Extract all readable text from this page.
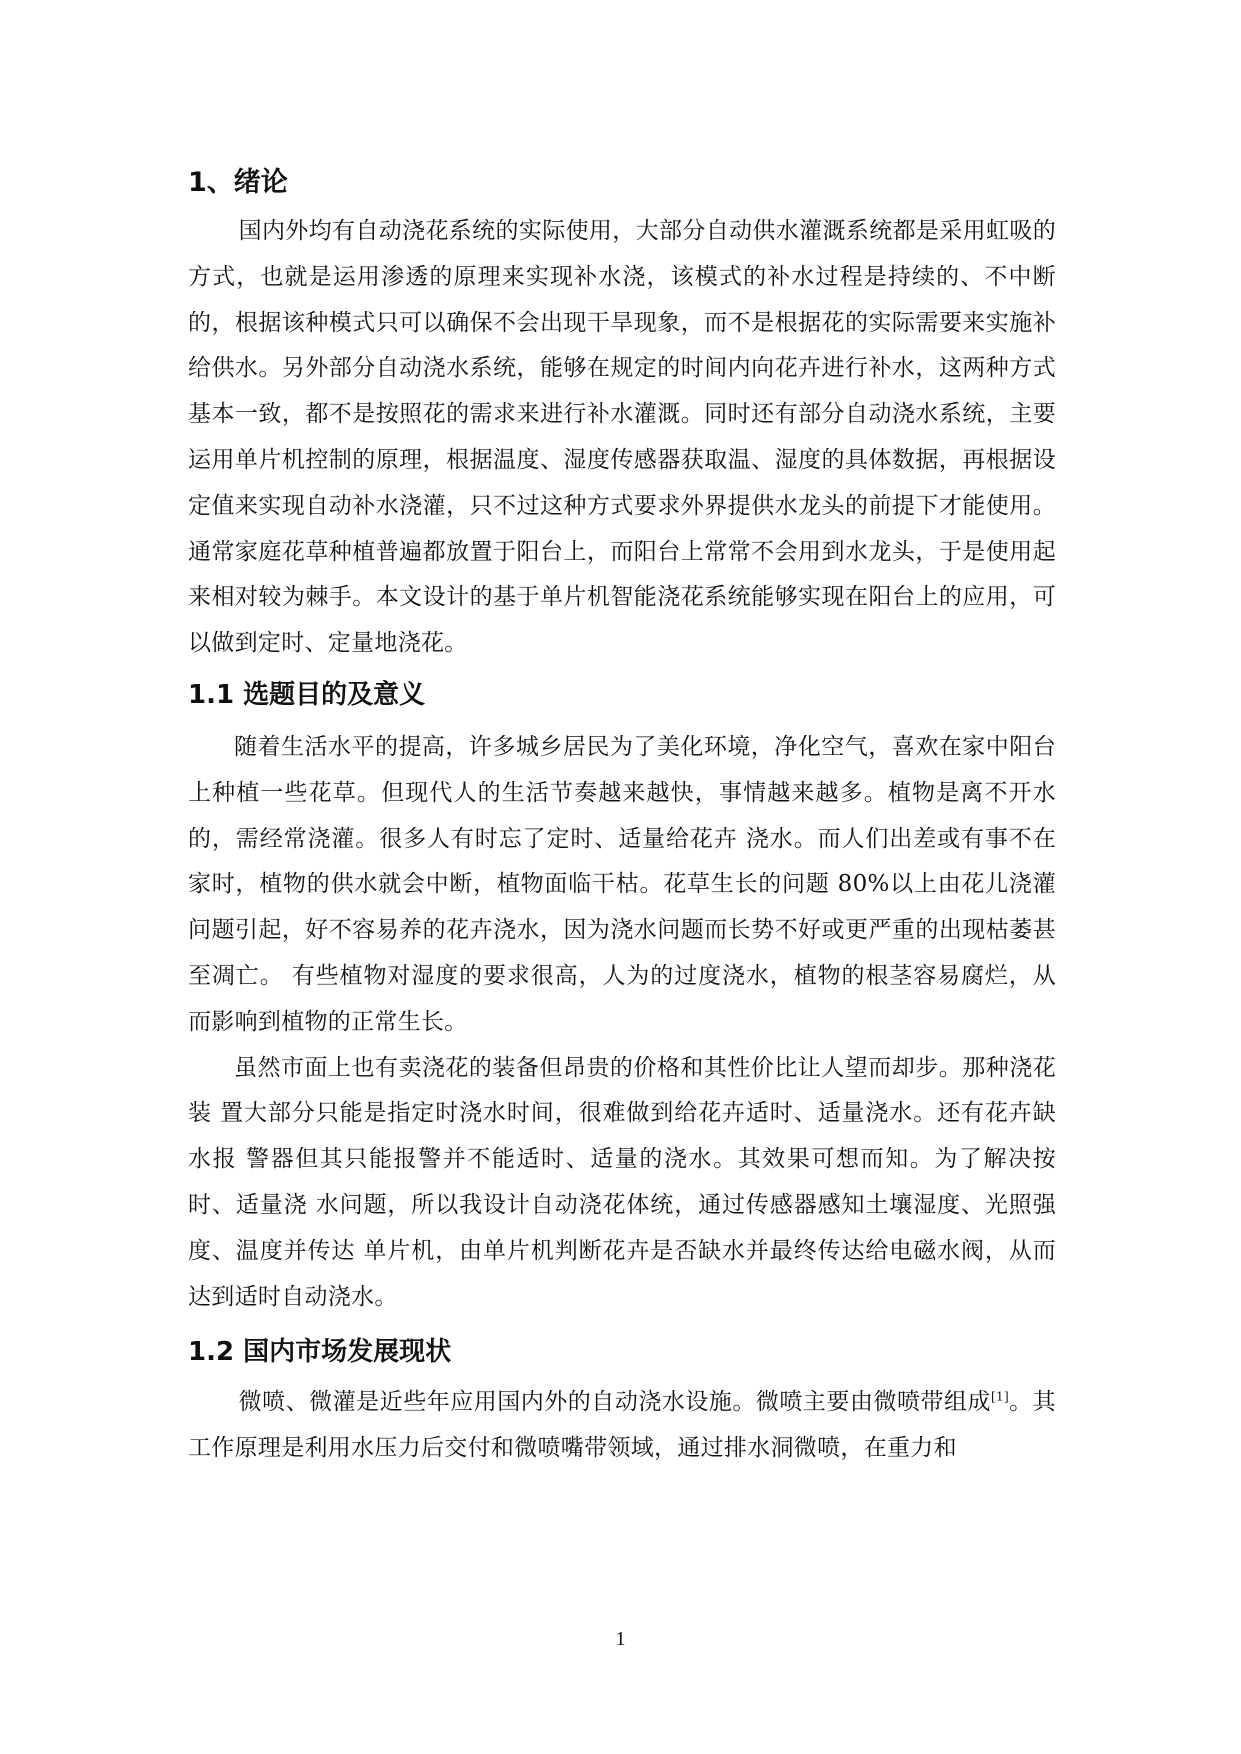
1、绪论

国内外均有自动浇花系统的实际使用，大部分自动供水灌溉系统都是采用虹吸的方式，也就是运用渗透的原理来实现补水浇，该模式的补水过程是持续的、不中断的，根据该种模式只可以确保不会出现干旱现象，而不是根据花的实际需要来实施补给供水。另外部分自动浇水系统，能够在规定的时间内向花卉进行补水，这两种方式基本一致，都不是按照花的需求来进行补水灌溉。同时还有部分自动浇水系统，主要运用单片机控制的原理，根据温度、湿度传感器获取温、湿度的具体数据，再根据设定值来实现自动补水浇灌，只不过这种方式要求外界提供水龙头的前提下才能使用。通常家庭花草种植普遍都放置于阳台上，而阳台上常常不会用到水龙头，于是使用起来相对较为棘手。本文设计的基于单片机智能浇花系统能够实现在阳台上的应用，可以做到定时、定量地浇花。

1.1 选题目的及意义

随着生活水平的提高，许多城乡居民为了美化环境，净化空气，喜欢在家中阳台上种植一些花草。但现代人的生活节奏越来越快，事情越来越多。植物是离不开水的，需经常浇灌。很多人有时忘了定时、适量给花卉 浇水。而人们出差或有事不在家时，植物的供水就会中断，植物面临干枯。花草生长的问题 80%以上由花儿浇灌问题引起，好不容易养的花卉浇水，因为浇水问题而长势不好或更严重的出现枯萎甚至凋亡。 有些植物对湿度的要求很高，人为的过度浇水，植物的根茎容易腐烂，从而影响到植物的正常生长。

虽然市面上也有卖浇花的装备但昂贵的价格和其性价比让人望而却步。那种浇花装 置大部分只能是指定时浇水时间，很难做到给花卉适时、适量浇水。还有花卉缺水报 警器但其只能报警并不能适时、适量的浇水。其效果可想而知。为了解决按时、适量浇 水问题，所以我设计自动浇花体统，通过传感器感知土壤湿度、光照强度、温度并传达 单片机，由单片机判断花卉是否缺水并最终传达给电磁水阀，从而达到适时自动浇水。

1.2 国内市场发展现状

微喷、微灌是近些年应用国内外的自动浇水设施。微喷主要由微喷带组成[1]。其工作原理是利用水压力后交付和微喷嘴带领域，通过排水洞微喷，在重力和

1
